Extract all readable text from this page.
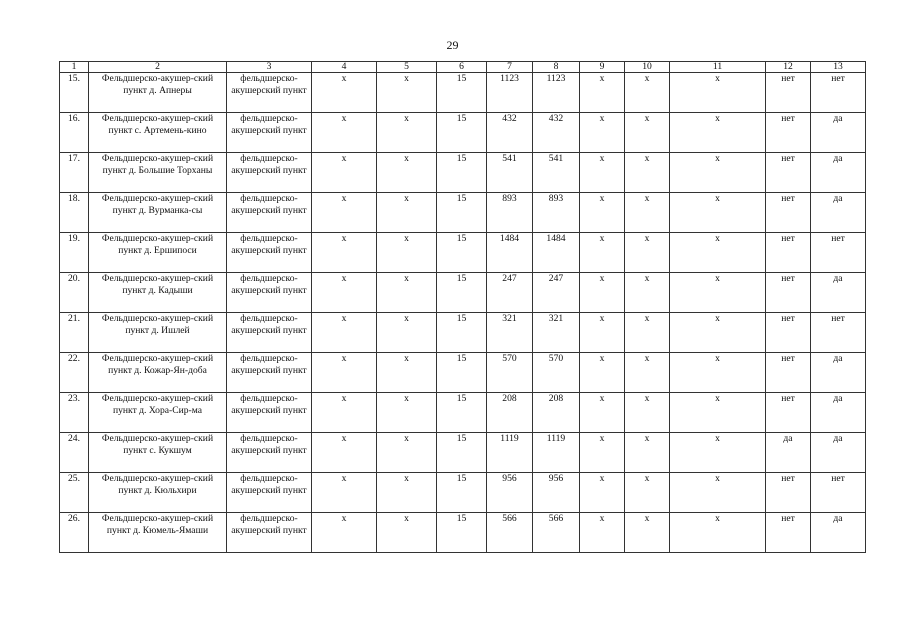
29
1	2	3	4	5	6	7	8	9	10	11	12	13
15.	Фельдшерско-акушер-ский пункт д. Апнеры	фельдшерско-акушерский пункт	x	x	15	1123	1123	x	x	x	нет	нет
16.	Фельдшерско-акушер-ский пункт с. Артемень-кино	фельдшерско-акушерский пункт	x	x	15	432	432	x	x	x	нет	да
17.	Фельдшерско-акушер-ский пункт д. Большие Торханы	фельдшерско-акушерский пункт	x	x	15	541	541	x	x	x	нет	да
18.	Фельдшерско-акушер-ский пункт д. Вурманка-сы	фельдшерско-акушерский пункт	x	x	15	893	893	x	x	x	нет	да
19.	Фельдшерско-акушер-ский пункт д. Ершипоси	фельдшерско-акушерский пункт	x	x	15	1484	1484	x	x	x	нет	нет
20.	Фельдшерско-акушер-ский пункт д. Кадыши	фельдшерско-акушерский пункт	x	x	15	247	247	x	x	x	нет	да
21.	Фельдшерско-акушер-ский пункт д. Ишлей	фельдшерско-акушерский пункт	x	x	15	321	321	x	x	x	нет	нет
22.	Фельдшерско-акушер-ский пункт д. Кожар-Ян-доба	фельдшерско-акушерский пункт	x	x	15	570	570	x	x	x	нет	да
23.	Фельдшерско-акушер-ский пункт д. Хора-Сир-ма	фельдшерско-акушерский пункт	x	x	15	208	208	x	x	x	нет	да
24.	Фельдшерско-акушер-ский пункт с. Кукшум	фельдшерско-акушерский пункт	x	x	15	1119	1119	x	x	x	да	да
25.	Фельдшерско-акушер-ский пункт д. Кюльхири	фельдшерско-акушерский пункт	x	x	15	956	956	x	x	x	нет	нет
26.	Фельдшерско-акушер-ский пункт д. Кюмель-Ямаши	фельдшерско-акушерский пункт	x	x	15	566	566	x	x	x	нет	да
